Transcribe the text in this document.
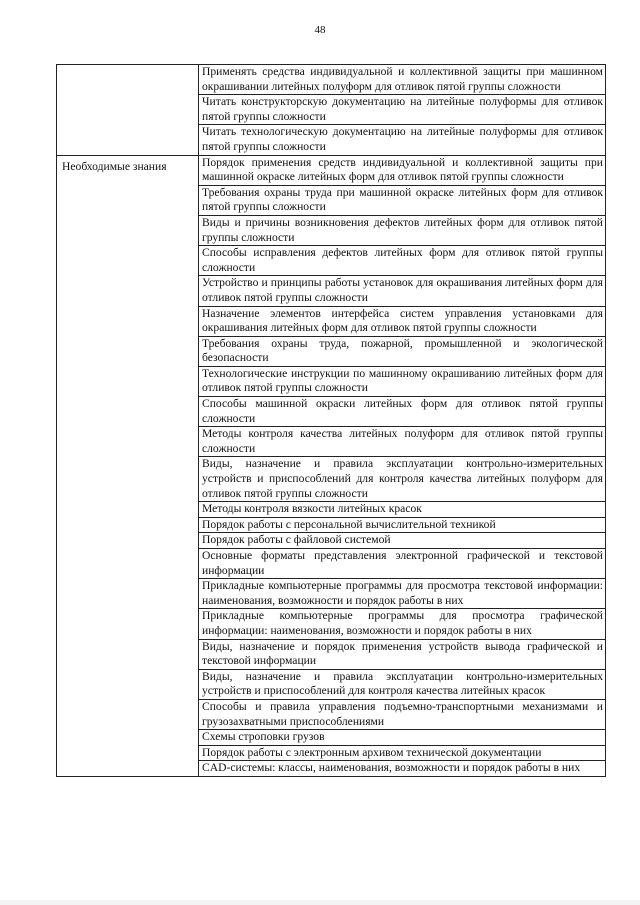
48
	Применять средства индивидуальной и коллективной защиты при машинном окрашивании литейных полуформ для отливок пятой группы сложности
	Читать конструкторскую документацию на литейные полуформы для отливок пятой группы сложности
	Читать технологическую документацию на литейные полуформы для отливок пятой группы сложности
Необходимые знания	Порядок применения средств индивидуальной и коллективной защиты при машинной окраске литейных форм для отливок пятой группы сложности
	Требования охраны труда при машинной окраске литейных форм для отливок пятой группы сложности
	Виды и причины возникновения дефектов литейных форм для отливок пятой группы сложности
	Способы исправления дефектов литейных форм для отливок пятой группы сложности
	Устройство и принципы работы установок для окрашивания литейных форм для отливок пятой группы сложности
	Назначение элементов интерфейса систем управления установками для окрашивания литейных форм для отливок пятой группы сложности
	Требования охраны труда, пожарной, промышленной и экологической безопасности
	Технологические инструкции по машинному окрашиванию литейных форм для отливок пятой группы сложности
	Способы машинной окраски литейных форм для отливок пятой группы сложности
	Методы контроля качества литейных полуформ для отливок пятой группы сложности
	Виды, назначение и правила эксплуатации контрольно-измерительных устройств и приспособлений для контроля качества литейных полуформ для отливок пятой группы сложности
	Методы контроля вязкости литейных красок
	Порядок работы с персональной вычислительной техникой
	Порядок работы с файловой системой
	Основные форматы представления электронной графической и текстовой информации
	Прикладные компьютерные программы для просмотра текстовой информации: наименования, возможности и порядок работы в них
	Прикладные компьютерные программы для просмотра графической информации: наименования, возможности и порядок работы в них
	Виды, назначение и порядок применения устройств вывода графической и текстовой информации
	Виды, назначение и правила эксплуатации контрольно-измерительных устройств и приспособлений для контроля качества литейных красок
	Способы и правила управления подъемно-транспортными механизмами и грузозахватными приспособлениями
	Схемы строповки грузов
	Порядок работы с электронным архивом технической документации
	CAD-системы: классы, наименования, возможности и порядок работы в них
